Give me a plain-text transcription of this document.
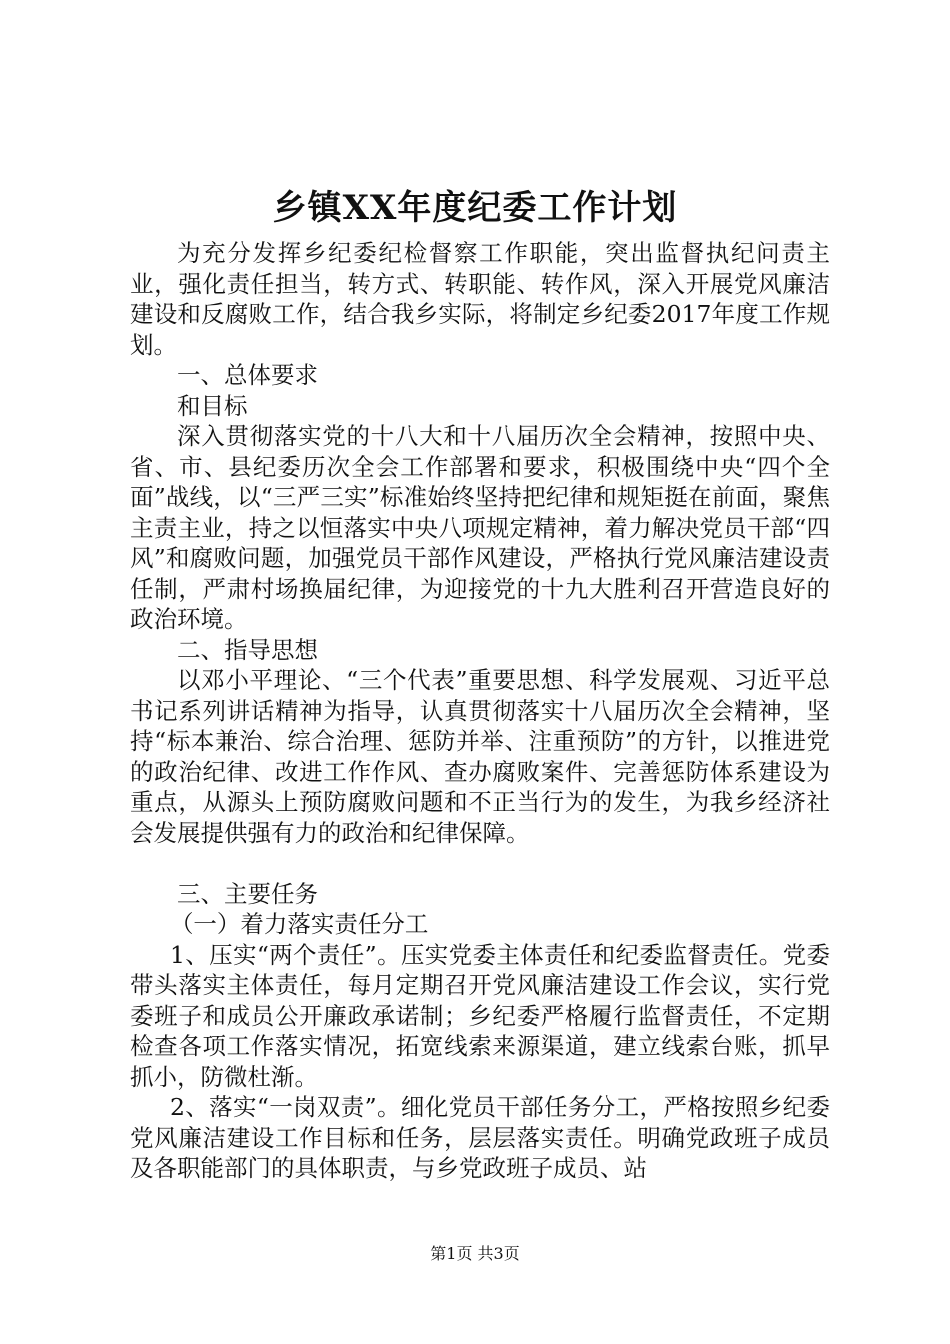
乡镇XX年度纪委工作计划

为充分发挥乡纪委纪检督察工作职能，突出监督执纪问责主业，强化责任担当，转方式、转职能、转作风，深入开展党风廉洁建设和反腐败工作，结合我乡实际，将制定乡纪委2017年度工作规划。

一、总体要求

和目标

深入贯彻落实党的十八大和十八届历次全会精神，按照中央、省、市、县纪委历次全会工作部署和要求，积极围绕中央“四个全面”战线，以“三严三实”标准始终坚持把纪律和规矩挺在前面，聚焦主责主业，持之以恒落实中央八项规定精神，着力解决党员干部“四风”和腐败问题，加强党员干部作风建设，严格执行党风廉洁建设责任制，严肃村场换届纪律，为迎接党的十九大胜利召开营造良好的政治环境。

二、指导思想

以邓小平理论、“三个代表”重要思想、科学发展观、习近平总书记系列讲话精神为指导，认真贯彻落实十八届历次全会精神，坚持“标本兼治、综合治理、惩防并举、注重预防”的方针，以推进党的政治纪律、改进工作作风、查办腐败案件、完善惩防体系建设为重点，从源头上预防腐败问题和不正当行为的发生，为我乡经济社会发展提供强有力的政治和纪律保障。

三、主要任务

（一）着力落实责任分工

1、压实“两个责任”。压实党委主体责任和纪委监督责任。党委带头落实主体责任，每月定期召开党风廉洁建设工作会议，实行党委班子和成员公开廉政承诺制；乡纪委严格履行监督责任，不定期检查各项工作落实情况，拓宽线索来源渠道，建立线索台账，抓早抓小，防微杜渐。

2、落实“一岗双责”。细化党员干部任务分工，严格按照乡纪委党风廉洁建设工作目标和任务，层层落实责任。明确党政班子成员及各职能部门的具体职责，与乡党政班子成员、站

第1页 共3页
